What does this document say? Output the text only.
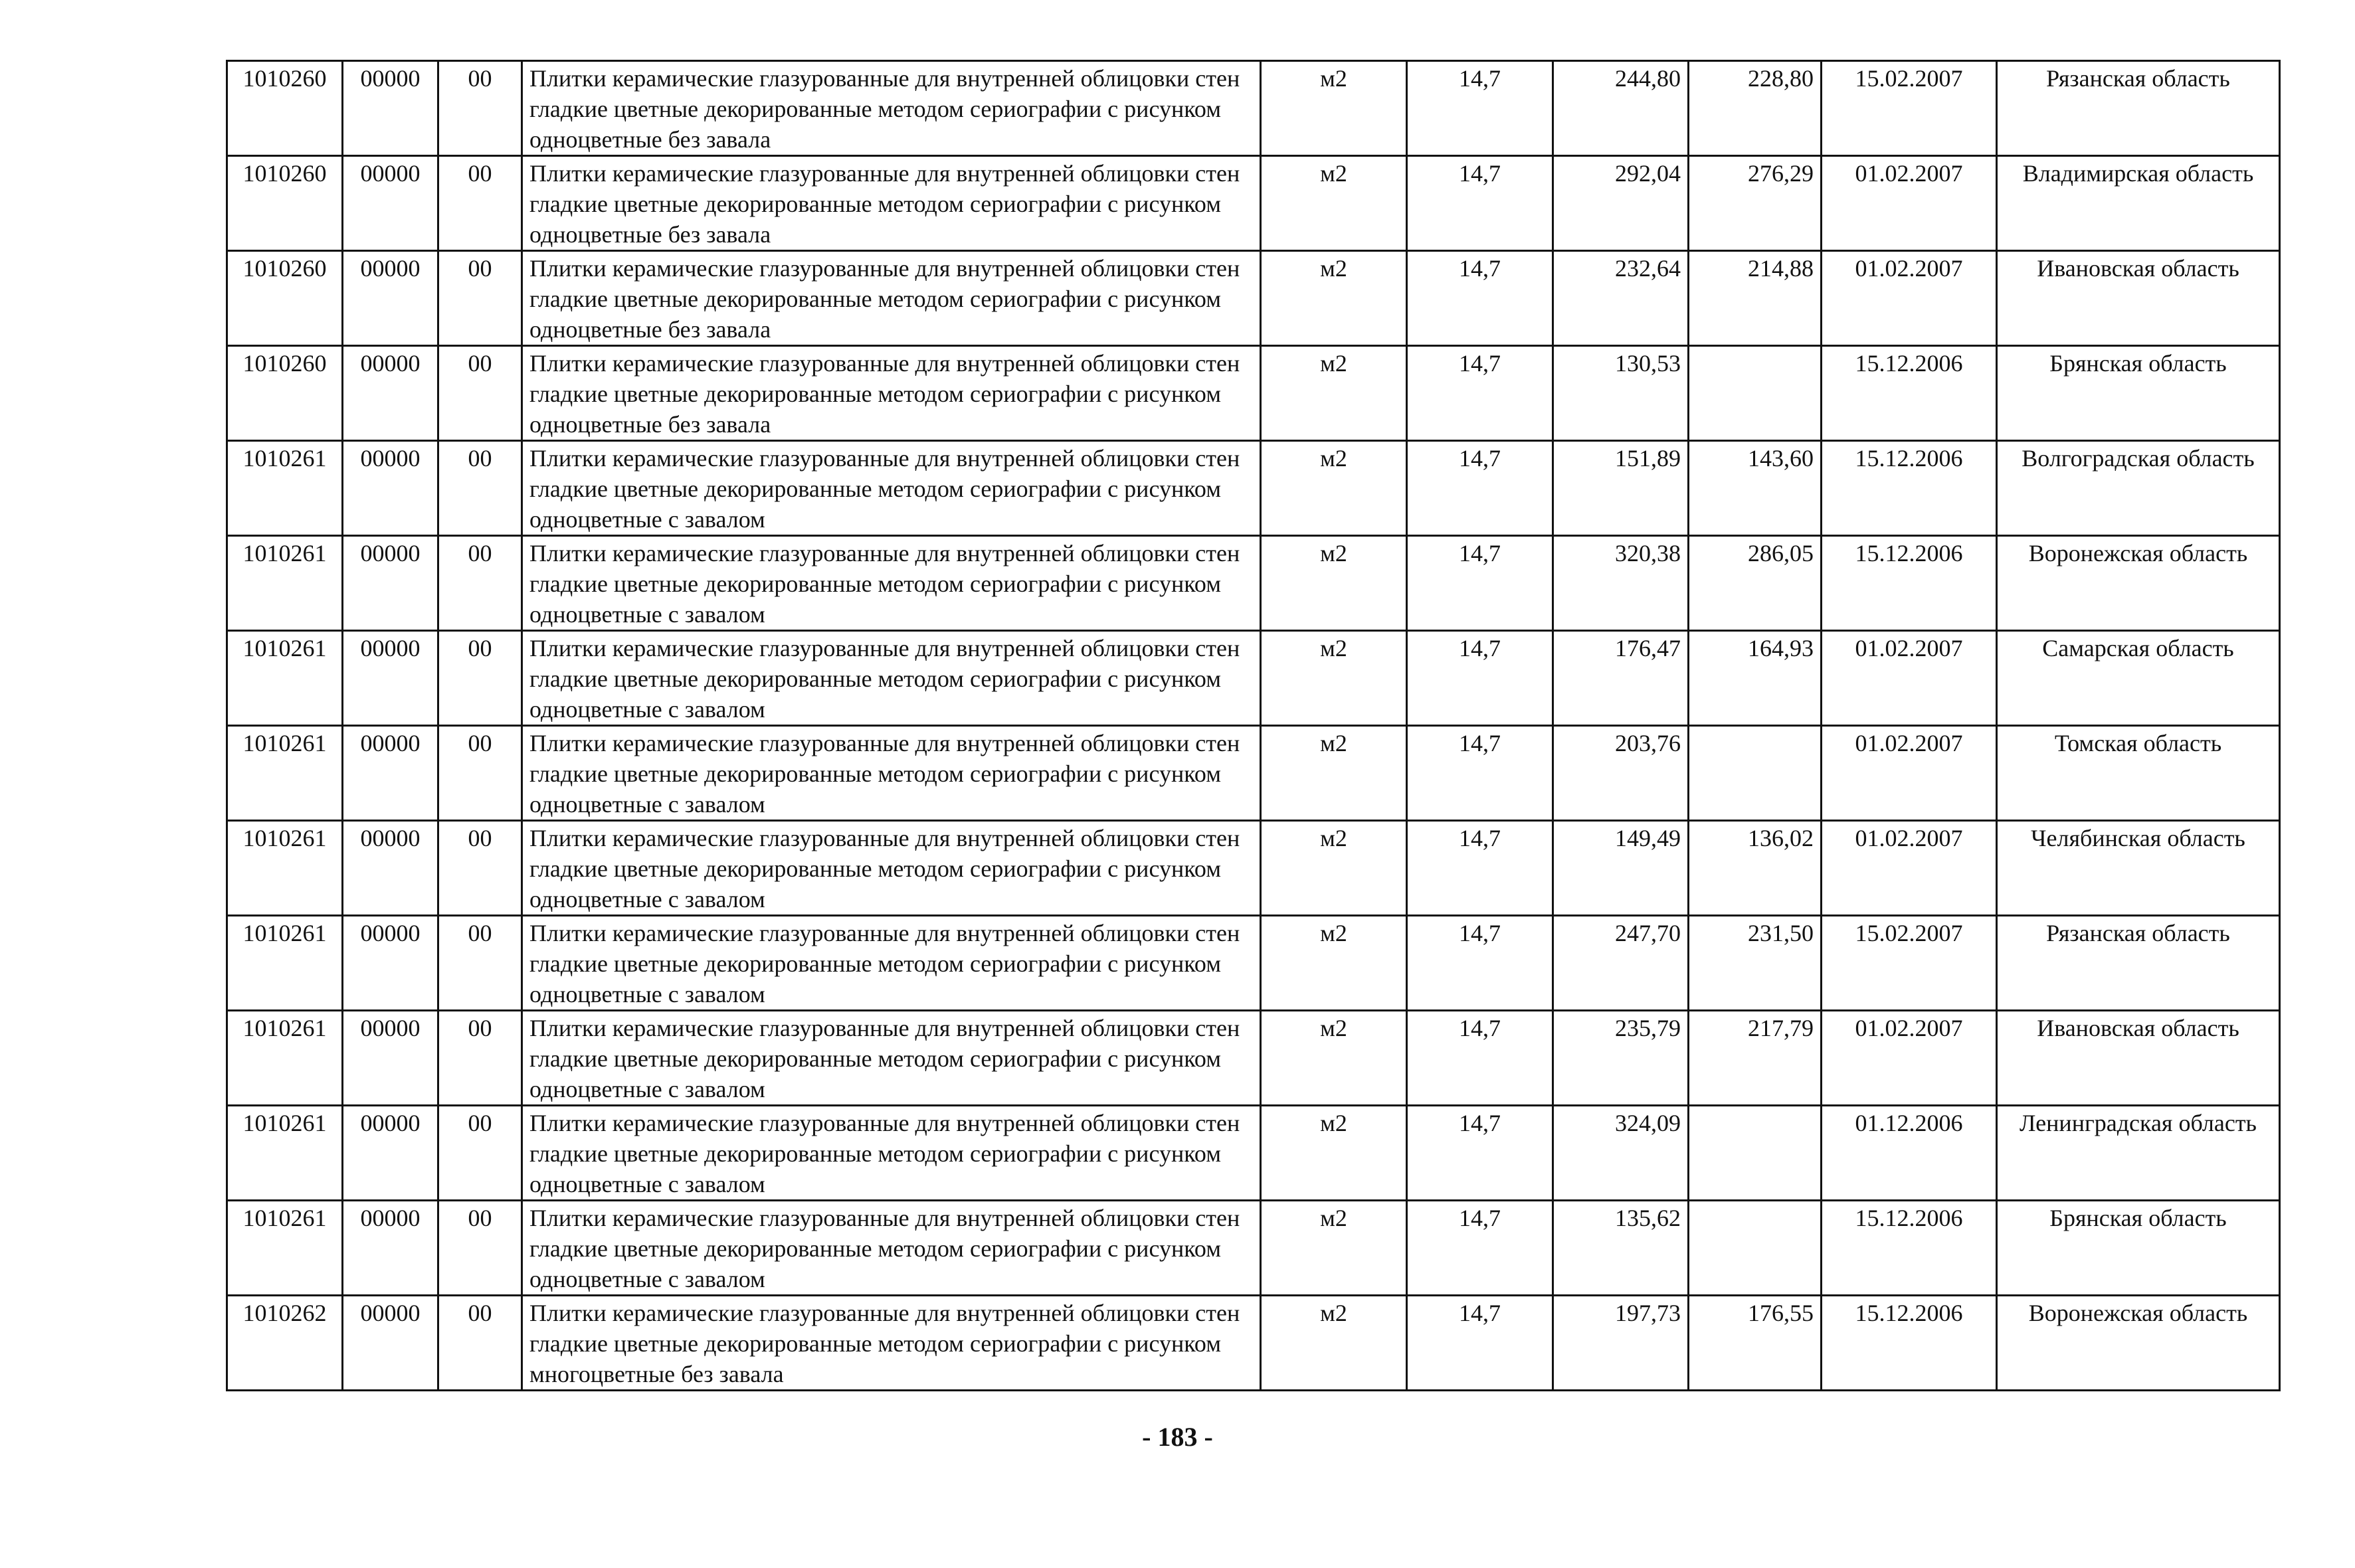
1010260	00000	00	Плитки керамические глазурованные для внутренней облицовки стен гладкие цветные декорированные методом сериографии с рисунком одноцветные без завала	м2	14,7	244,80	228,80	15.02.2007	Рязанская область
1010260	00000	00	Плитки керамические глазурованные для внутренней облицовки стен гладкие цветные декорированные методом сериографии с рисунком одноцветные без завала	м2	14,7	292,04	276,29	01.02.2007	Владимирская область
1010260	00000	00	Плитки керамические глазурованные для внутренней облицовки стен гладкие цветные декорированные методом сериографии с рисунком одноцветные без завала	м2	14,7	232,64	214,88	01.02.2007	Ивановская область
1010260	00000	00	Плитки керамические глазурованные для внутренней облицовки стен гладкие цветные декорированные методом сериографии с рисунком одноцветные без завала	м2	14,7	130,53		15.12.2006	Брянская область
1010261	00000	00	Плитки керамические глазурованные для внутренней облицовки стен гладкие цветные декорированные методом сериографии с рисунком одноцветные с завалом	м2	14,7	151,89	143,60	15.12.2006	Волгоградская область
1010261	00000	00	Плитки керамические глазурованные для внутренней облицовки стен гладкие цветные декорированные методом сериографии с рисунком одноцветные с завалом	м2	14,7	320,38	286,05	15.12.2006	Воронежская область
1010261	00000	00	Плитки керамические глазурованные для внутренней облицовки стен гладкие цветные декорированные методом сериографии с рисунком одноцветные с завалом	м2	14,7	176,47	164,93	01.02.2007	Самарская область
1010261	00000	00	Плитки керамические глазурованные для внутренней облицовки стен гладкие цветные декорированные методом сериографии с рисунком одноцветные с завалом	м2	14,7	203,76		01.02.2007	Томская область
1010261	00000	00	Плитки керамические глазурованные для внутренней облицовки стен гладкие цветные декорированные методом сериографии с рисунком одноцветные с завалом	м2	14,7	149,49	136,02	01.02.2007	Челябинская область
1010261	00000	00	Плитки керамические глазурованные для внутренней облицовки стен гладкие цветные декорированные методом сериографии с рисунком одноцветные с завалом	м2	14,7	247,70	231,50	15.02.2007	Рязанская область
1010261	00000	00	Плитки керамические глазурованные для внутренней облицовки стен гладкие цветные декорированные методом сериографии с рисунком одноцветные с завалом	м2	14,7	235,79	217,79	01.02.2007	Ивановская область
1010261	00000	00	Плитки керамические глазурованные для внутренней облицовки стен гладкие цветные декорированные методом сериографии с рисунком одноцветные с завалом	м2	14,7	324,09		01.12.2006	Ленинградская область
1010261	00000	00	Плитки керамические глазурованные для внутренней облицовки стен гладкие цветные декорированные методом сериографии с рисунком одноцветные с завалом	м2	14,7	135,62		15.12.2006	Брянская область
1010262	00000	00	Плитки керамические глазурованные для внутренней облицовки стен гладкие цветные декорированные методом сериографии с рисунком многоцветные без завала	м2	14,7	197,73	176,55	15.12.2006	Воронежская область
- 183 -
